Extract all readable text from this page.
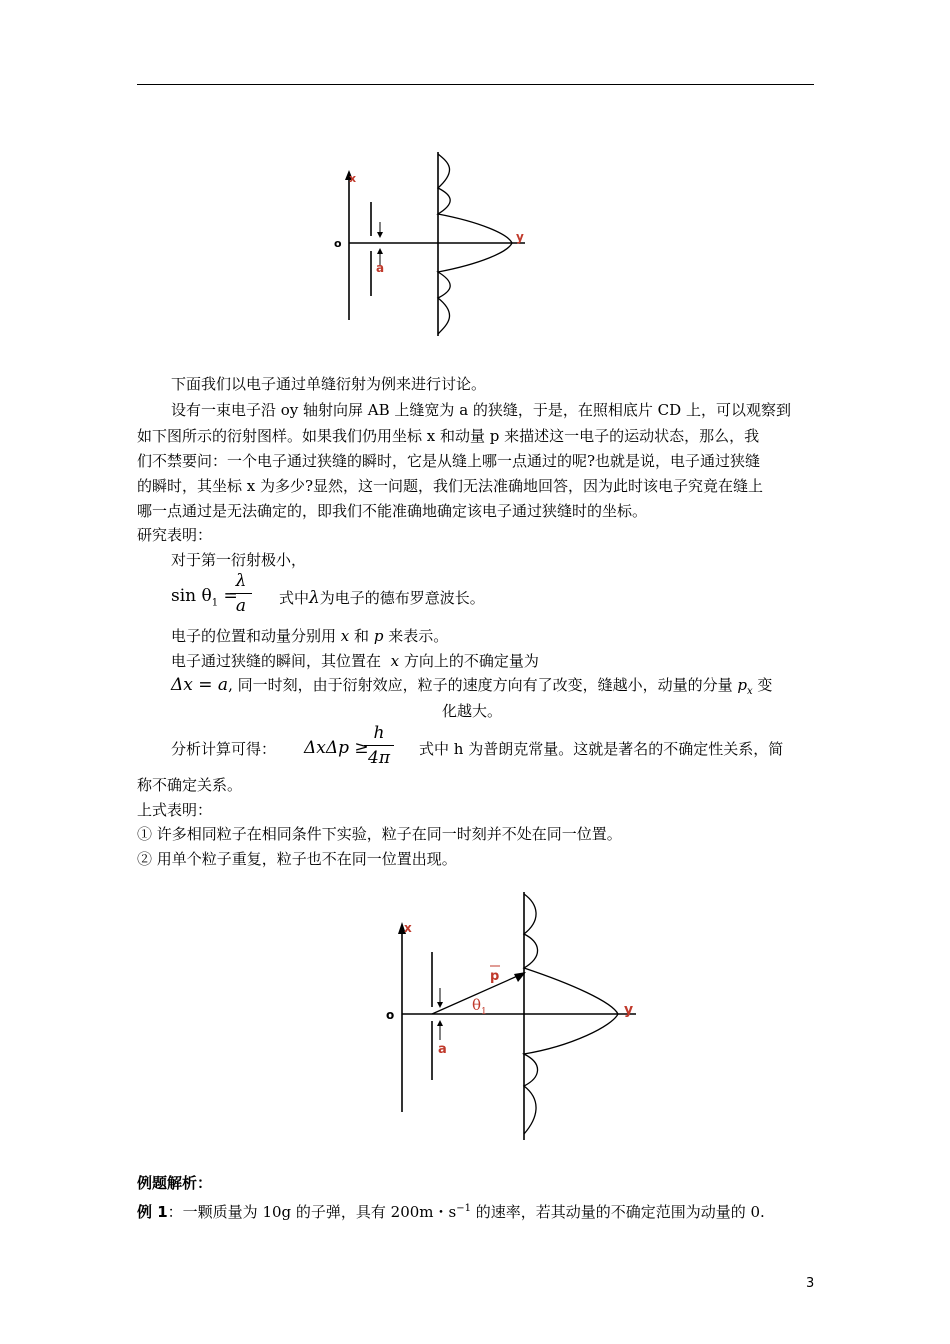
x
o	y
a
下面我们以电子通过单缝衍射为例来进行讨论。
设有一束电子沿 oy 轴射向屏 AB 上缝宽为 a 的狭缝，于是，在照相底片 CD 上，可以观察到
如下图所示的衍射图样。如果我们仍用坐标 x 和动量 p 来描述这一电子的运动状态，那么，我
们不禁要问：一个电子通过狭缝的瞬时，它是从缝上哪一点通过的呢?也就是说，电子通过狭缝
的瞬时，其坐标 x 为多少?显然，这一问题，我们无法准确地回答，因为此时该电子究竟在缝上
哪一点通过是无法确定的，即我们不能准确地确定该电子通过狭缝时的坐标。
研究表明：
对于第一衍射极小，
$\sin \theta_1$ =
λ
a	式中λ为电子的德布罗意波长。
电子的位置和动量分别用 x 和 p 来表示。
电子通过狭缝的瞬间，其位置在 x 方向上的不确定量为
Δx = a, 同一时刻，由于衍射效应，粒子的速度方向有了改变，缝越小，动量的分量 $p_x$ 变
化越大。
分析计算可得： ΔxΔp ≥
h
4π 式中 h 为普朗克常量。这就是著名的不确定性关系，简
称不确定关系。
上式表明：
① 许多相同粒子在相同条件下实验，粒子在同一时刻并不处在同一位置。
② 用单个粒子重复，粒子也不在同一位置出现。
x
o	y
a
p
$\theta_1$
例题解析：
例 1：一颗质量为 10g 的子弹，具有 200m・$s^{-1}$ 的速率，若其动量的不确定范围为动量的 0.
3
